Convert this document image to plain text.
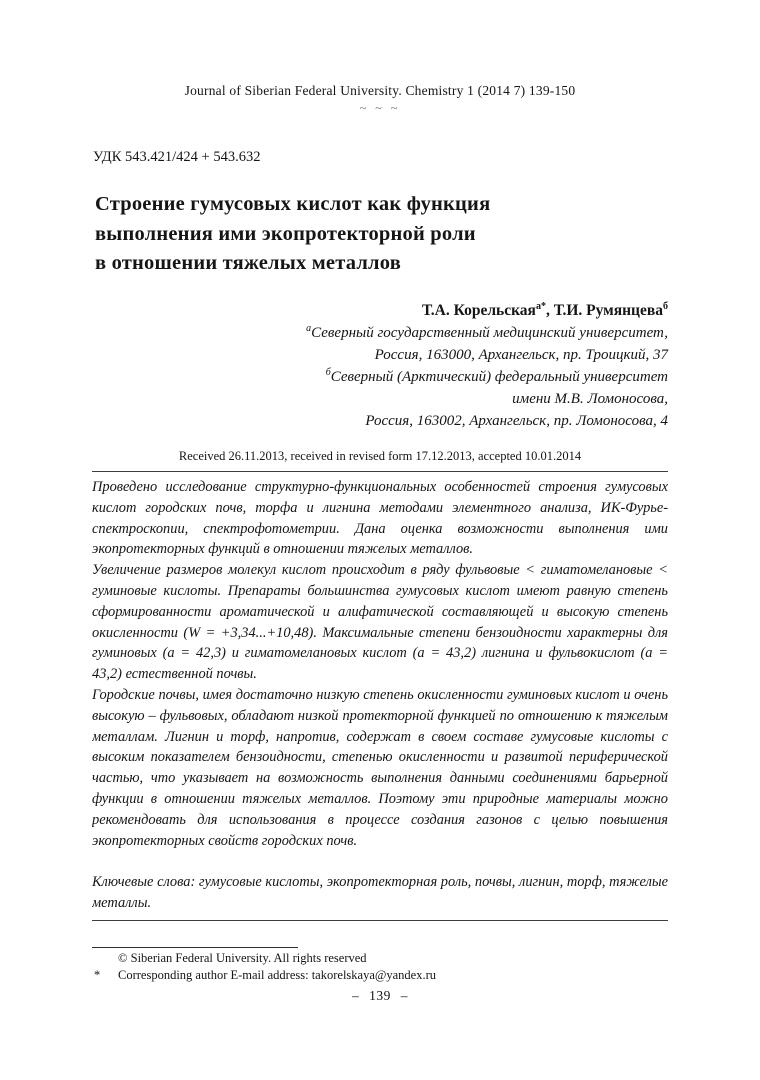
Journal of Siberian Federal University. Chemistry 1 (2014 7) 139-150
~ ~ ~
УДК 543.421/424 + 543.632
Строение гумусовых кислот как функция
выполнения ими экопротекторной роли
в отношении тяжелых металлов
Т.А. Корельская$^{а*}$, Т.И. Румянцева$^б$
$^а$Северный государственный медицинский университет,
Россия, 163000, Архангельск, пр. Троицкий, 37
$^б$Северный (Арктический) федеральный университет
имени М.В. Ломоносова,
Россия, 163002, Архангельск, пр. Ломоносова, 4
Received 26.11.2013, received in revised form 17.12.2013, accepted 10.01.2014

Проведено исследование структурно-функциональных особенностей строения гумусовых кислот городских почв, торфа и лигнина методами элементного анализа, ИК-Фурье-спектроскопии, спектрофотометрии. Дана оценка возможности выполнения ими экопротекторных функций в отношении тяжелых металлов.

Увеличение размеров молекул кислот происходит в ряду фульвовые < гиматомелановые < гуминовые кислоты. Препараты большинства гумусовых кислот имеют равную степень сформированности ароматической и алифатической составляющей и высокую степень окисленности (W = +3,34...+10,48). Максимальные степени бензоидности характерны для гуминовых (a = 42,3) и гиматомелановых кислот (a = 43,2) лигнина и фульвокислот (a = 43,2) естественной почвы.

Городские почвы, имея достаточно низкую степень окисленности гуминовых кислот и очень высокую – фульвовых, обладают низкой протекторной функцией по отношению к тяжелым металлам. Лигнин и торф, напротив, содержат в своем составе гумусовые кислоты с высоким показателем бензоидности, степенью окисленности и развитой периферической частью, что указывает на возможность выполнения данными соединениями барьерной функции в отношении тяжелых металлов. Поэтому эти природные материалы можно рекомендовать для использования в процессе создания газонов с целью повышения экопротекторных свойств городских почв.

Ключевые слова: гумусовые кислоты, экопротекторная роль, почвы, лигнин, торф, тяжелые металлы.

© Siberian Federal University. All rights reserved
* Corresponding author E-mail address: takorelskaya@yandex.ru
– 139 –
